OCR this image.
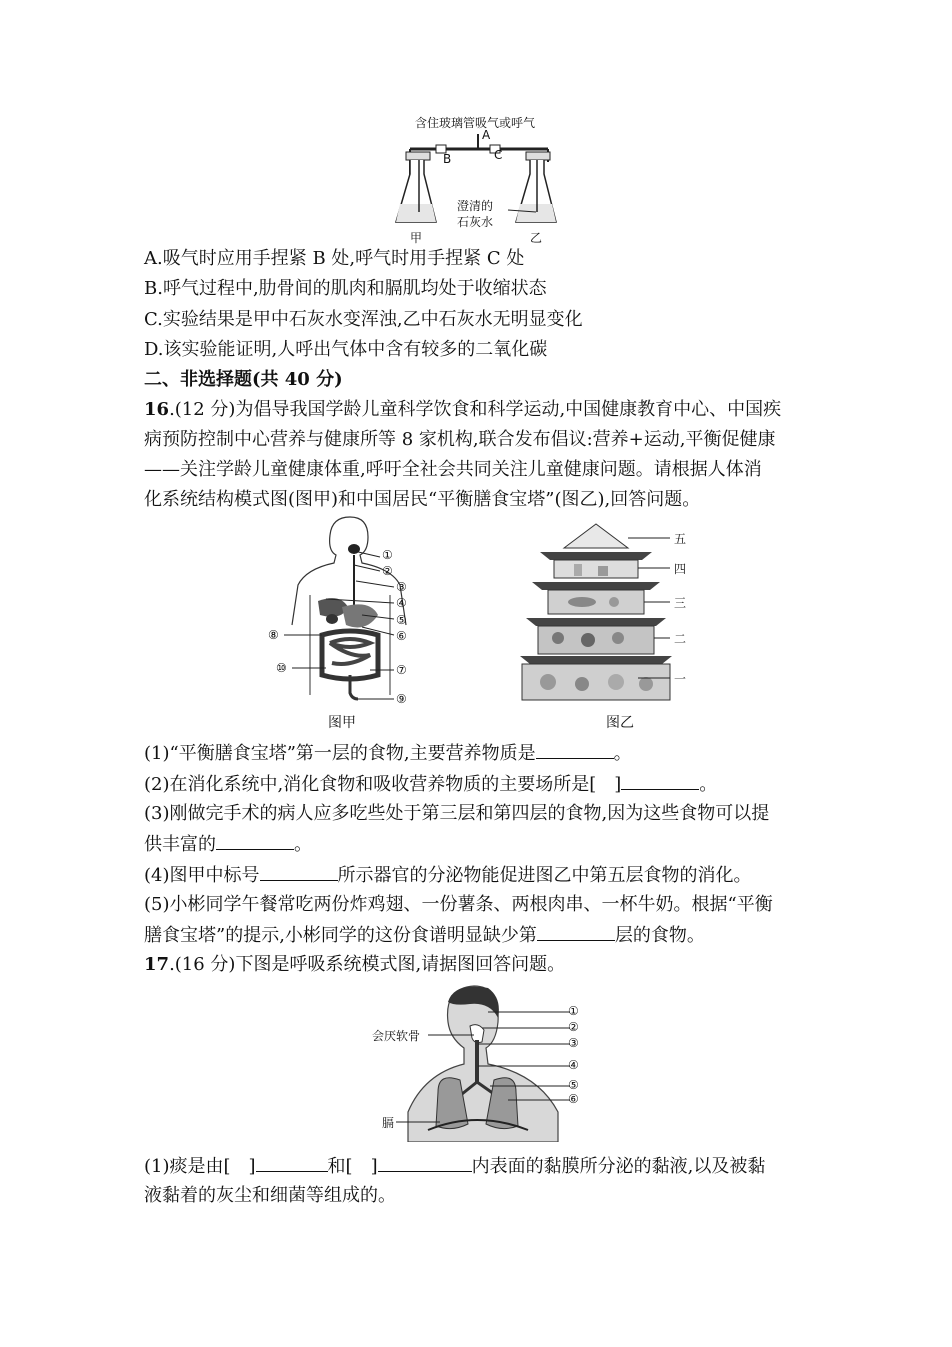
含住玻璃管吸气或呼气
A
B	C
澄清的
石灰水
甲	乙
A.吸气时应用手捏紧 B 处,呼气时用手捏紧 C 处
B.呼气过程中,肋骨间的肌肉和膈肌均处于收缩状态
C.实验结果是甲中石灰水变浑浊,乙中石灰水无明显变化
D.该实验能证明,人呼出气体中含有较多的二氧化碳
二、非选择题(共 40 分)
16.(12 分)为倡导我国学龄儿童科学饮食和科学运动,中国健康教育中心、中国疾
病预防控制中心营养与健康所等 8 家机构,联合发布倡议:营养+运动,平衡促健康
——关注学龄儿童健康体重,呼吁全社会共同关注儿童健康问题。请根据人体消
化系统结构模式图(图甲)和中国居民“平衡膳食宝塔”(图乙),回答问题。
①
②
③
④
⑤
⑥
⑦
⑧
⑨
⑩
图甲
五
四
三
二
一
图乙
(1)“平衡膳食宝塔”第一层的食物,主要营养物质是	。
(2)在消化系统中,消化食物和吸收营养物质的主要场所是[　]	。
(3)刚做完手术的病人应多吃些处于第三层和第四层的食物,因为这些食物可以提
供丰富的	。
(4)图甲中标号	所示器官的分泌物能促进图乙中第五层食物的消化。
(5)小彬同学午餐常吃两份炸鸡翅、一份薯条、两根肉串、一杯牛奶。根据“平衡
膳食宝塔”的提示,小彬同学的这份食谱明显缺少第	层的食物。
17.(16 分)下图是呼吸系统模式图,请据图回答问题。
①
②
③
④
⑤
⑥
会厌软骨
膈
(1)痰是由[　]	和[　]	内表面的黏膜所分泌的黏液,以及被黏
液黏着的灰尘和细菌等组成的。
